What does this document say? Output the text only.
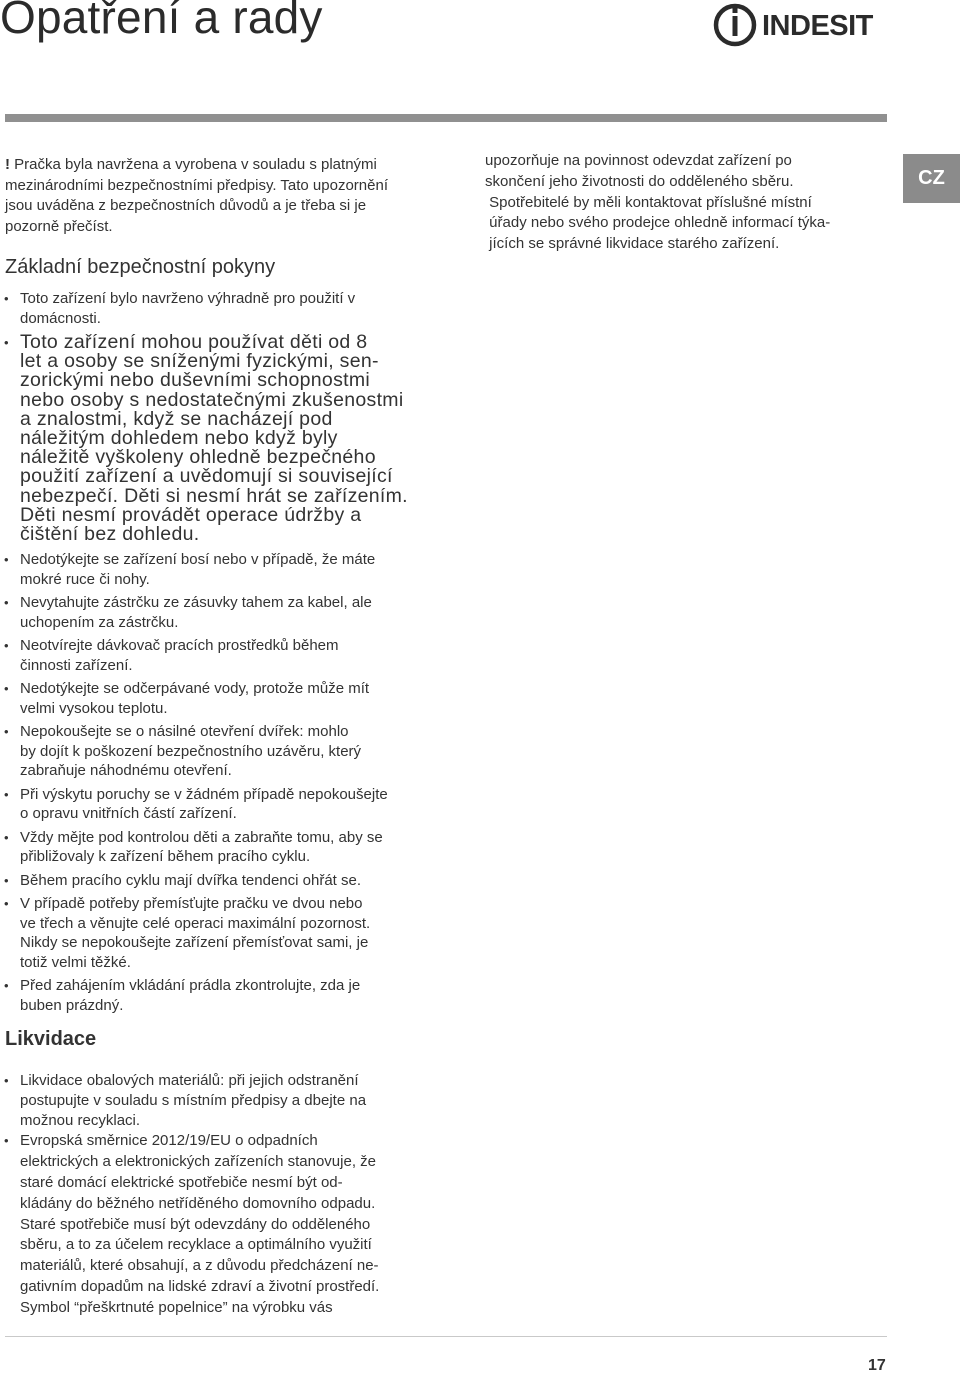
Opatření a rady	INDESIT
CZ
! Pračka byla navržena a vyrobena v souladu s platnými
mezinárodními bezpečnostními předpisy. Tato upozornění
jsou uváděna z bezpečnostních důvodů a je třeba si je
pozorně přečíst.
Základní bezpečnostní pokyny
• Toto zařízení bylo navrženo výhradně pro použití v
domácnosti.
• Toto zařízení mohou používat děti od 8
let a osoby se sníženými fyzickými, sen-
zorickými nebo duševními schopnostmi
nebo osoby s nedostatečnými zkušenostmi
a znalostmi, když se nacházejí pod
náležitým dohledem nebo když byly
náležitě vyškoleny ohledně bezpečného
použití zařízení a uvědomují si související
nebezpečí. Děti si nesmí hrát se zařízením.
Děti nesmí provádět operace údržby a
čištění bez dohledu.
• Nedotýkejte se zařízení bosí nebo v případě, že máte
mokré ruce či nohy.
• Nevytahujte zástrčku ze zásuvky tahem za kabel, ale
uchopením za zástrčku.
• Neotvírejte dávkovač pracích prostředků během
činnosti zařízení.
• Nedotýkejte se odčerpávané vody, protože může mít
velmi vysokou teplotu.
• Nepokoušejte se o násilné otevření dvířek: mohlo
by dojít k poškození bezpečnostního uzávěru, který
zabraňuje náhodnému otevření.
• Při výskytu poruchy se v žádném případě nepokoušejte
o opravu vnitřních částí zařízení.
• Vždy mějte pod kontrolou děti a zabraňte tomu, aby se
přibližovaly k zařízení během pracího cyklu.
• Během pracího cyklu mají dvířka tendenci ohřát se.
• V případě potřeby přemísťujte pračku ve dvou nebo
ve třech a věnujte celé operaci maximální pozornost.
Nikdy se nepokoušejte zařízení přemísťovat sami, je
totiž velmi těžké.
• Před zahájením vkládání prádla zkontrolujte, zda je
buben prázdný.
Likvidace
• Likvidace obalových materiálů: při jejich odstranění
postupujte v souladu s místním předpisy a dbejte na
možnou recyklaci.
• Evropská směrnice 2012/19/EU o odpadních
elektrických a elektronických zařízeních stanovuje, že
staré domácí elektrické spotřebiče nesmí být od-
kládány do běžného netříděného domovního odpadu.
Staré spotřebiče musí být odevzdány do odděleného
sběru, a to za účelem recyklace a optimálního využití
materiálů, které obsahují, a z důvodu předcházení ne-
gativním dopadům na lidské zdraví a životní prostředí.
Symbol “přeškrtnuté popelnice” na výrobku vás
upozorňuje na povinnost odevzdat zařízení po
skončení jeho životnosti do odděleného sběru.
Spotřebitelé by měli kontaktovat příslušné místní
úřady nebo svého prodejce ohledně informací týka-
jících se správné likvidace starého zařízení.
17
